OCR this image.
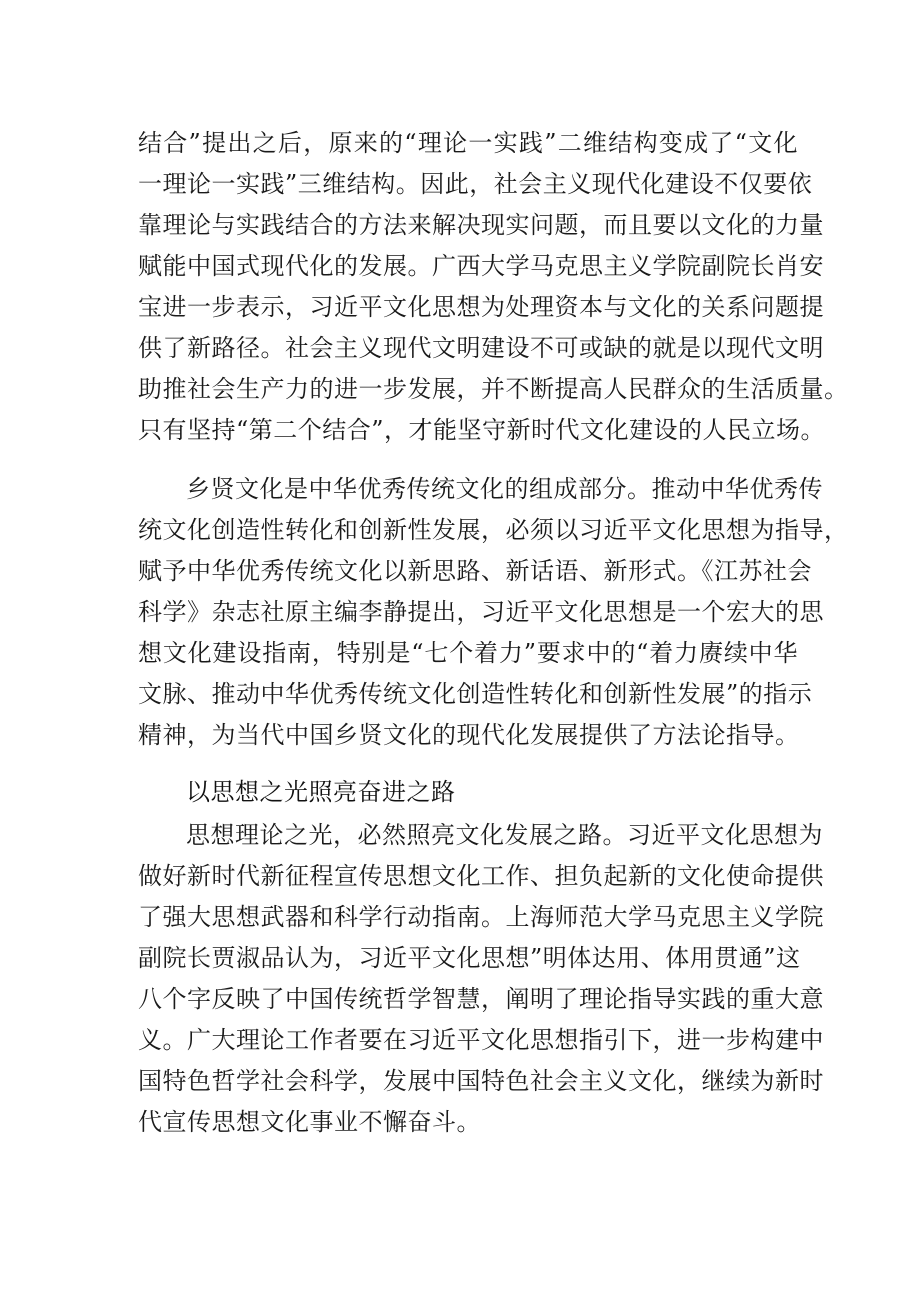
结合”提出之后，原来的“理论一实践”二维结构变成了“文化
一理论一实践”三维结构。因此，社会主义现代化建设不仅要依
靠理论与实践结合的方法来解决现实问题，而且要以文化的力量
赋能中国式现代化的发展。广西大学马克思主义学院副院长肖安
宝进一步表示，习近平文化思想为处理资本与文化的关系问题提
供了新路径。社会主义现代文明建设不可或缺的就是以现代文明
助推社会生产力的进一步发展，并不断提高人民群众的生活质量。
只有坚持“第二个结合”，才能坚守新时代文化建设的人民立场。
乡贤文化是中华优秀传统文化的组成部分。推动中华优秀传
统文化创造性转化和创新性发展，必须以习近平文化思想为指导，
赋予中华优秀传统文化以新思路、新话语、新形式。《江苏社会
科学》杂志社原主编李静提出，习近平文化思想是一个宏大的思
想文化建设指南，特别是“七个着力”要求中的“着力赓续中华
文脉、推动中华优秀传统文化创造性转化和创新性发展”的指示
精神，为当代中国乡贤文化的现代化发展提供了方法论指导。
以思想之光照亮奋进之路
思想理论之光，必然照亮文化发展之路。习近平文化思想为
做好新时代新征程宣传思想文化工作、担负起新的文化使命提供
了强大思想武器和科学行动指南。上海师范大学马克思主义学院
副院长贾淑品认为，习近平文化思想”明体达用、体用贯通”这
八个字反映了中国传统哲学智慧，阐明了理论指导实践的重大意
义。广大理论工作者要在习近平文化思想指引下，进一步构建中
国特色哲学社会科学，发展中国特色社会主义文化，继续为新时
代宣传思想文化事业不懈奋斗。
